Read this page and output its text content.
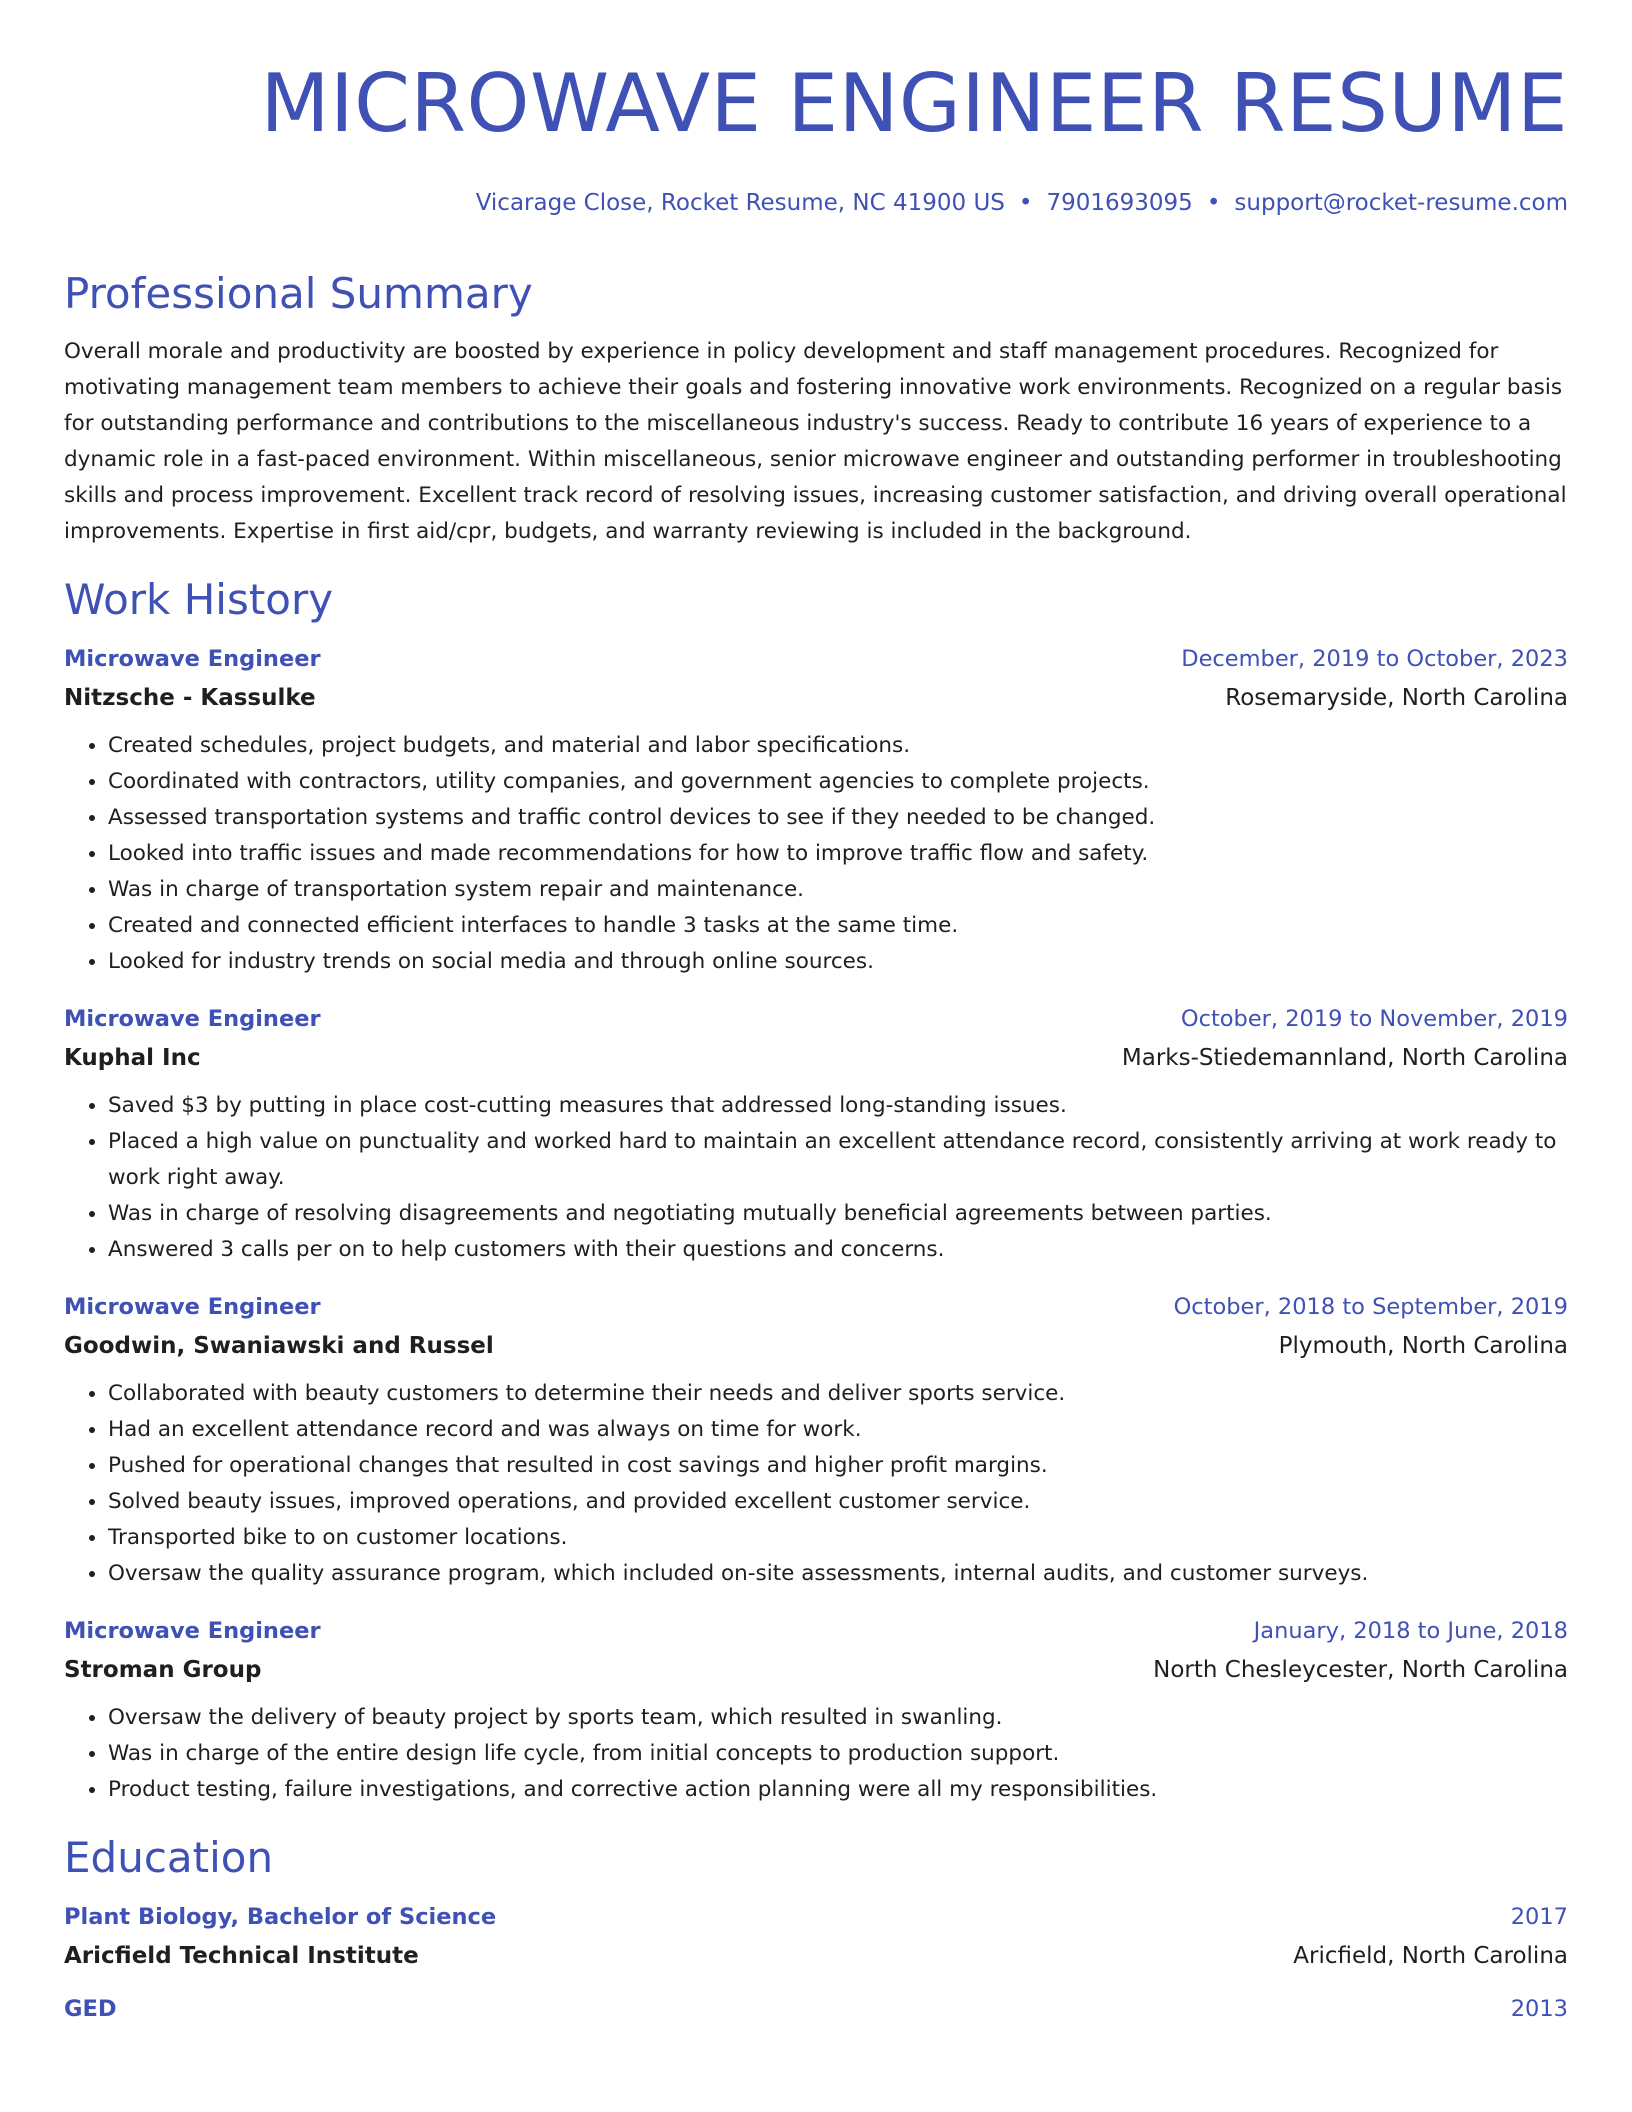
MICROWAVE ENGINEER RESUME
Vicarage Close, Rocket Resume, NC 41900 US • 7901693095 • support@rocket-resume.com
Professional Summary

Overall morale and productivity are boosted by experience in policy development and staff management procedures. Recognized for motivating management team members to achieve their goals and fostering innovative work environments. Recognized on a regular basis for outstanding performance and contributions to the miscellaneous industry's success. Ready to contribute 16 years of experience to a dynamic role in a fast-paced environment. Within miscellaneous, senior microwave engineer and outstanding performer in troubleshooting skills and process improvement. Excellent track record of resolving issues, increasing customer satisfaction, and driving overall operational improvements. Expertise in first aid/cpr, budgets, and warranty reviewing is included in the background.

Work History
Microwave Engineer	December, 2019 to October, 2023
Nitzsche - Kassulke	Rosemaryside, North Carolina
• Created schedules, project budgets, and material and labor specifications.
• Coordinated with contractors, utility companies, and government agencies to complete projects.
• Assessed transportation systems and traffic control devices to see if they needed to be changed.
• Looked into traffic issues and made recommendations for how to improve traffic flow and safety.
• Was in charge of transportation system repair and maintenance.
• Created and connected efficient interfaces to handle 3 tasks at the same time.
• Looked for industry trends on social media and through online sources.
Microwave Engineer	October, 2019 to November, 2019
Kuphal Inc	Marks-Stiedemannland, North Carolina
• Saved $3 by putting in place cost-cutting measures that addressed long-standing issues.
• Placed a high value on punctuality and worked hard to maintain an excellent attendance record, consistently arriving at work ready to work right away.
• Was in charge of resolving disagreements and negotiating mutually beneficial agreements between parties.
• Answered 3 calls per on to help customers with their questions and concerns.
Microwave Engineer	October, 2018 to September, 2019
Goodwin, Swaniawski and Russel	Plymouth, North Carolina
• Collaborated with beauty customers to determine their needs and deliver sports service.
• Had an excellent attendance record and was always on time for work.
• Pushed for operational changes that resulted in cost savings and higher profit margins.
• Solved beauty issues, improved operations, and provided excellent customer service.
• Transported bike to on customer locations.
• Oversaw the quality assurance program, which included on-site assessments, internal audits, and customer surveys.
Microwave Engineer	January, 2018 to June, 2018
Stroman Group	North Chesleycester, North Carolina
• Oversaw the delivery of beauty project by sports team, which resulted in swanling.
• Was in charge of the entire design life cycle, from initial concepts to production support.
• Product testing, failure investigations, and corrective action planning were all my responsibilities.
Education
Plant Biology, Bachelor of Science	2017
Aricfield Technical Institute	Aricfield, North Carolina
GED	2013
